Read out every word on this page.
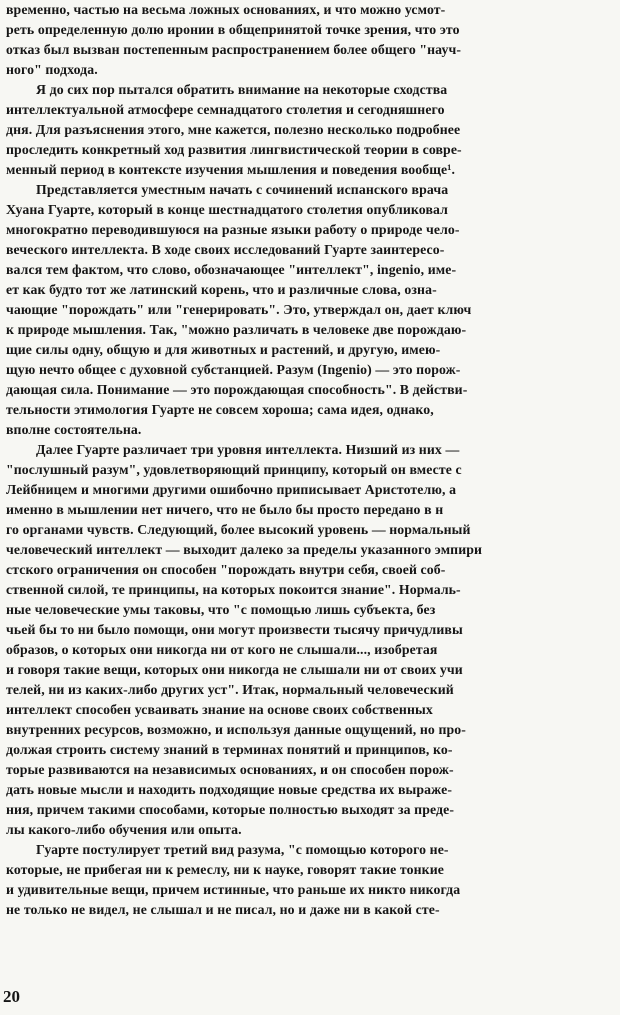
временно, частью на весьма ложных основаниях, и что можно усмот-
реть определенную долю иронии в общепринятой точке зрения, что это
отказ был вызван постепенным распространением более общего "науч-
ного" подхода.
Я до сих пор пытался обратить внимание на некоторые сходства
интеллектуальной атмосфере семнадцатого столетия и сегодняшнего
дня. Для разъяснения этого, мне кажется, полезно несколько подробнее
проследить конкретный ход развития лингвистической теории в совре-
менный период в контексте изучения мышления и поведения вообще¹.
Представляется уместным начать с сочинений испанского врача
Хуана Гуарте, который в конце шестнадцатого столетия опубликовал
многократно переводившуюся на разные языки работу о природе чело-
веческого интеллекта. В ходе своих исследований Гуарте заинтересо-
вался тем фактом, что слово, обозначающее "интеллект", ingenio, име-
ет как будто тот же латинский корень, что и различные слова, озна-
чающие "порождать" или "генерировать". Это, утверждал он, дает ключ
к природе мышления. Так, "можно различать в человеке две порождаю-
щие силы одну, общую и для животных и растений, и другую, имею-
щую нечто общее с духовной субстанцией. Разум (Ingenio) — это порож-
дающая сила. Понимание — это порождающая способность". В действи-
тельности этимология Гуарте не совсем хороша; сама идея, однако,
вполне состоятельна.
Далее Гуарте различает три уровня интеллекта. Низший из них —
"послушный разум", удовлетворяющий принципу, который он вместе с
Лейбницем и многими другими ошибочно приписывает Аристотелю, а
именно в мышлении нет ничего, что не было бы просто передано в н
го органами чувств. Следующий, более высокий уровень — нормальный
человеческий интеллект — выходит далеко за пределы указанного эмпири
стского ограничения он способен "порождать внутри себя, своей соб-
ственной силой, те принципы, на которых покоится знание". Нормаль-
ные человеческие умы таковы, что "с помощью лишь субъекта, без
чьей бы то ни было помощи, они могут произвести тысячу причудливы
образов, о которых они никогда ни от кого не слышали..., изобретая
и говоря такие вещи, которых они никогда не слышали ни от своих учи
телей, ни из каких-либо других уст". Итак, нормальный человеческий
интеллект способен усваивать знание на основе своих собственных
внутренних ресурсов, возможно, и используя данные ощущений, но про-
должая строить систему знаний в терминах понятий и принципов, ко-
торые развиваются на независимых основаниях, и он способен порож-
дать новые мысли и находить подходящие новые средства их выраже-
ния, причем такими способами, которые полностью выходят за преде-
лы какого-либо обучения или опыта.
Гуарте постулирует третий вид разума, "с помощью которого не-
которые, не прибегая ни к ремеслу, ни к науке, говорят такие тонкие
и удивительные вещи, причем истинные, что раньше их никто никогда
не только не видел, не слышал и не писал, но и даже ни в какой сте-
20
